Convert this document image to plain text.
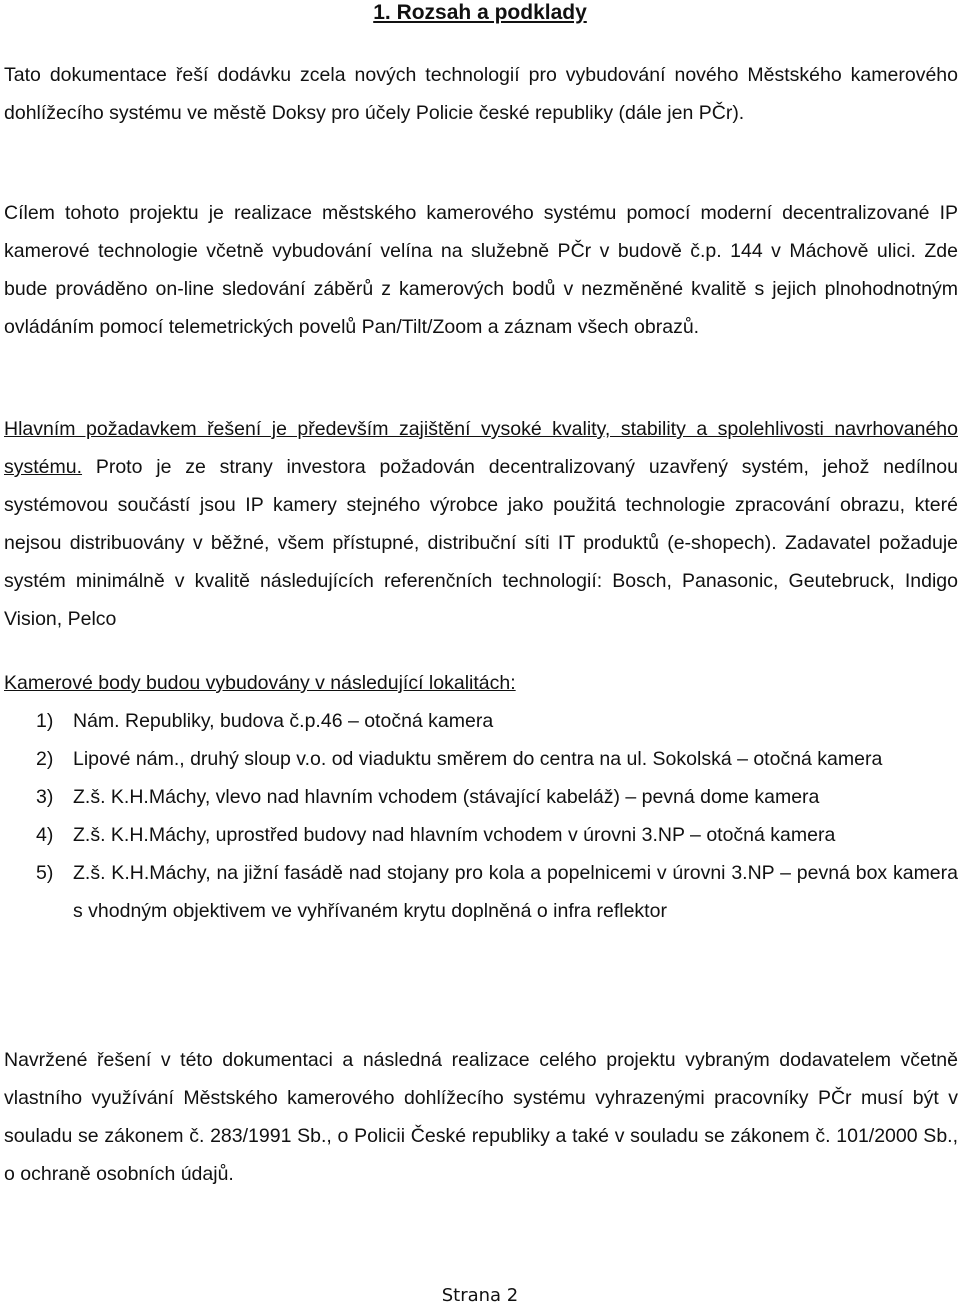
1. Rozsah a podklady

Tato dokumentace řeší dodávku zcela nových technologií pro vybudování nového Městského kamerového dohlížecího systému ve městě Doksy pro účely Policie české republiky (dále jen PČr).

Cílem tohoto projektu je realizace městského kamerového systému pomocí moderní decentralizované IP kamerové technologie včetně vybudování velína na služebně PČr v budově č.p. 144 v Máchově ulici. Zde bude prováděno on-line sledování záběrů z kamerových bodů v nezměněné kvalitě s jejich plnohodnotným ovládáním pomocí telemetrických povelů Pan/Tilt/Zoom a záznam všech obrazů.

Hlavním požadavkem řešení je především zajištění vysoké kvality, stability a spolehlivosti navrhovaného systému. Proto je ze strany investora požadován decentralizovaný uzavřený systém, jehož nedílnou systémovou součástí jsou IP kamery stejného výrobce jako použitá technologie zpracování obrazu, které nejsou distribuovány v běžné, všem přístupné, distribuční síti IT produktů (e-shopech). Zadavatel požaduje systém minimálně v kvalitě následujících referenčních technologií: Bosch, Panasonic, Geutebruck, Indigo Vision, Pelco

Kamerové body budou vybudovány v následující lokalitách:

1) Nám. Republiky, budova č.p.46 – otočná kamera
2) Lipové nám., druhý sloup v.o. od viaduktu směrem do centra na ul. Sokolská – otočná kamera
3) Z.š. K.H.Máchy, vlevo nad hlavním vchodem (stávající kabeláž) – pevná dome kamera
4) Z.š. K.H.Máchy, uprostřed budovy nad hlavním vchodem v úrovni 3.NP – otočná kamera
5) Z.š. K.H.Máchy, na jižní fasádě nad stojany pro kola a popelnicemi v úrovni 3.NP – pevná box kamera s vhodným objektivem ve vyhřívaném krytu doplněná o infra reflektor

Navržené řešení v této dokumentaci a následná realizace celého projektu vybraným dodavatelem včetně vlastního využívání Městského kamerového dohlížecího systému vyhrazenými pracovníky PČr musí být v souladu se zákonem č. 283/1991 Sb., o Policii České republiky a také v souladu se zákonem č. 101/2000 Sb., o ochraně osobních údajů.

Strana 2
